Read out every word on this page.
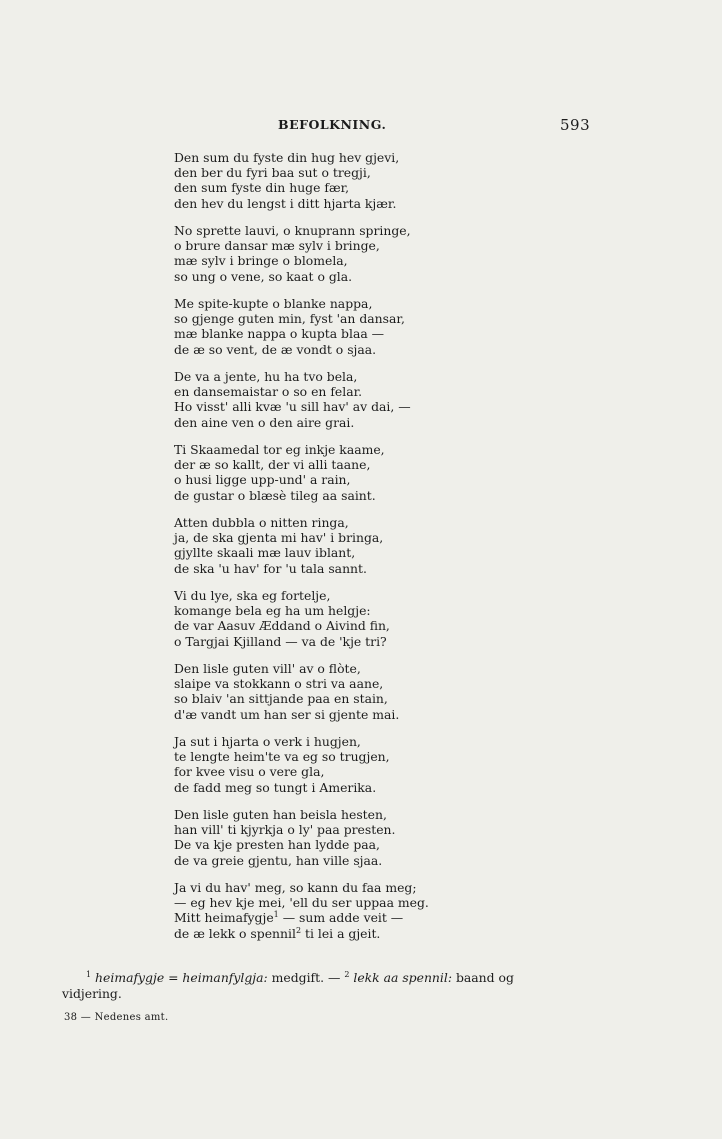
BEFOLKNING.	593
Den sum du fyste din hug hev gjevi,
den ber du fyri baa sut o tregji,
den sum fyste din huge fær,
den hev du lengst i ditt hjarta kjær.
No sprette lauvi, o knuprann springe,
o brure dansar mæ sylv i bringe,
mæ sylv i bringe o blomela,
so ung o vene, so kaat o gla.
Me spite-kupte o blanke nappa,
so gjenge guten min, fyst 'an dansar,
mæ blanke nappa o kupta blaa —
de æ so vent, de æ vondt o sjaa.
De va a jente, hu ha tvo bela,
en dansemaistar o so en felar.
Ho visst' alli kvæ 'u sill hav' av dai, —
den aine ven o den aire grai.
Ti Skaamedal tor eg inkje kaame,
der æ so kallt, der vi alli taane,
o husi ligge upp-und' a rain,
de gustar o blæsè tileg aa saint.
Atten dubbla o nitten ringa,
ja, de ska gjenta mi hav' i bringa,
gjyllte skaali mæ lauv iblant,
de ska 'u hav' for 'u tala sannt.
Vi du lye, ska eg fortelje,
komange bela eg ha um helgje:
de var Aasuv Æddand o Aivind fin,
o Targjai Kjilland — va de 'kje tri?
Den lisle guten vill' av o flòte,
slaipe va stokkann o stri va aane,
so blaiv 'an sittjande paa en stain,
d'æ vandt um han ser si gjente mai.
Ja sut i hjarta o verk i hugjen,
te lengte heim'te va eg so trugjen,
for kvee visu o vere gla,
de fadd meg so tungt i Amerika.
Den lisle guten han beisla hesten,
han vill' ti kjyrkja o ly' paa presten.
De va kje presten han lydde paa,
de va greie gjentu, han ville sjaa.
Ja vi du hav' meg, so kann du faa meg;
— eg hev kje mei, 'ell du ser uppaa meg.
Mitt heimafygje$^1$ — sum adde veit —
de æ lekk o spennil$^2$ ti lei a gjeit.
$^1$ heimafygje = heimanfylgja: medgift. — $^2$ lekk aa spennil: baand og
vidjering.
38 — Nedenes amt.
